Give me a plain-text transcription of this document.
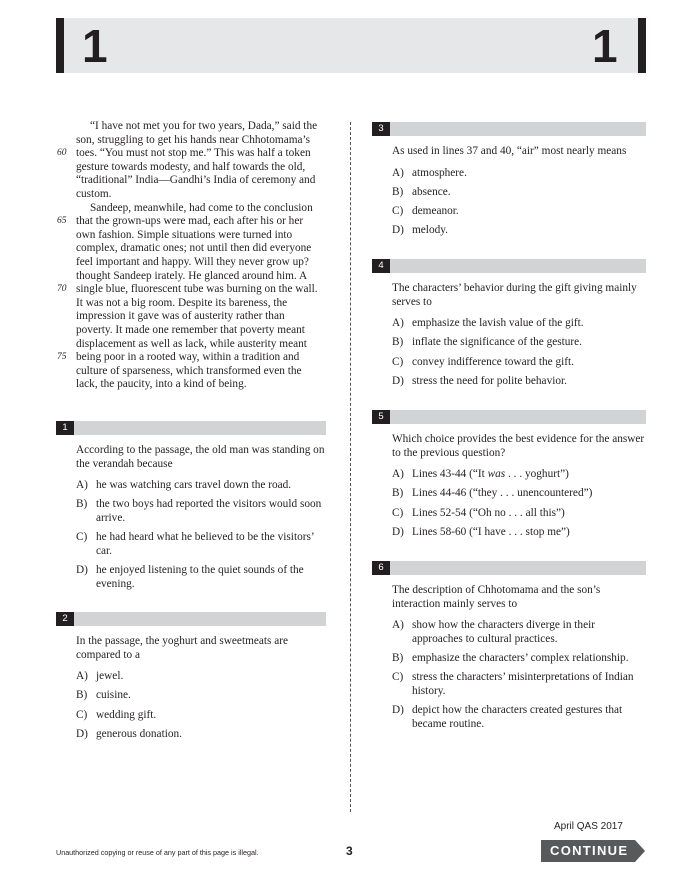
1	1
“I have not met you for two years, Dada,” said the
son, struggling to get his hands near Chhotomama’s
60 toes. “You must not stop me.” This was half a token
gesture towards modesty, and half towards the old,
“traditional” India—Gandhi’s India of ceremony and
custom.
Sandeep, meanwhile, had come to the conclusion
65 that the grown-ups were mad, each after his or her
own fashion. Simple situations were turned into
complex, dramatic ones; not until then did everyone
feel important and happy. Will they never grow up?
thought Sandeep irately. He glanced around him. A
70 single blue, fluorescent tube was burning on the wall.
It was not a big room. Despite its bareness, the
impression it gave was of austerity rather than
poverty. It made one remember that poverty meant
displacement as well as lack, while austerity meant
75 being poor in a rooted way, within a tradition and
culture of sparseness, which transformed even the
lack, the paucity, into a kind of being.
1
According to the passage, the old man was standing on the verandah because
A) he was watching cars travel down the road.
B) the two boys had reported the visitors would soon arrive.
C) he had heard what he believed to be the visitors’ car.
D) he enjoyed listening to the quiet sounds of the evening.
2
In the passage, the yoghurt and sweetmeats are compared to a
A) jewel.
B) cuisine.
C) wedding gift.
D) generous donation.
3
As used in lines 37 and 40, “air” most nearly means
A) atmosphere.
B) absence.
C) demeanor.
D) melody.
4
The characters’ behavior during the gift giving mainly serves to
A) emphasize the lavish value of the gift.
B) inflate the significance of the gesture.
C) convey indifference toward the gift.
D) stress the need for polite behavior.
5
Which choice provides the best evidence for the answer to the previous question?
A) Lines 43-44 (“It was . . . yoghurt”)
B) Lines 44-46 (“they . . . unencountered”)
C) Lines 52-54 (“Oh no . . . all this”)
D) Lines 58-60 (“I have . . . stop me”)
6
The description of Chhotomama and the son’s interaction mainly serves to
A) show how the characters diverge in their approaches to cultural practices.
B) emphasize the characters’ complex relationship.
C) stress the characters’ misinterpretations of Indian history.
D) depict how the characters created gestures that became routine.
Unauthorized copying or reuse of any part of this page is illegal.	3
April QAS 2017
CONTINUE
